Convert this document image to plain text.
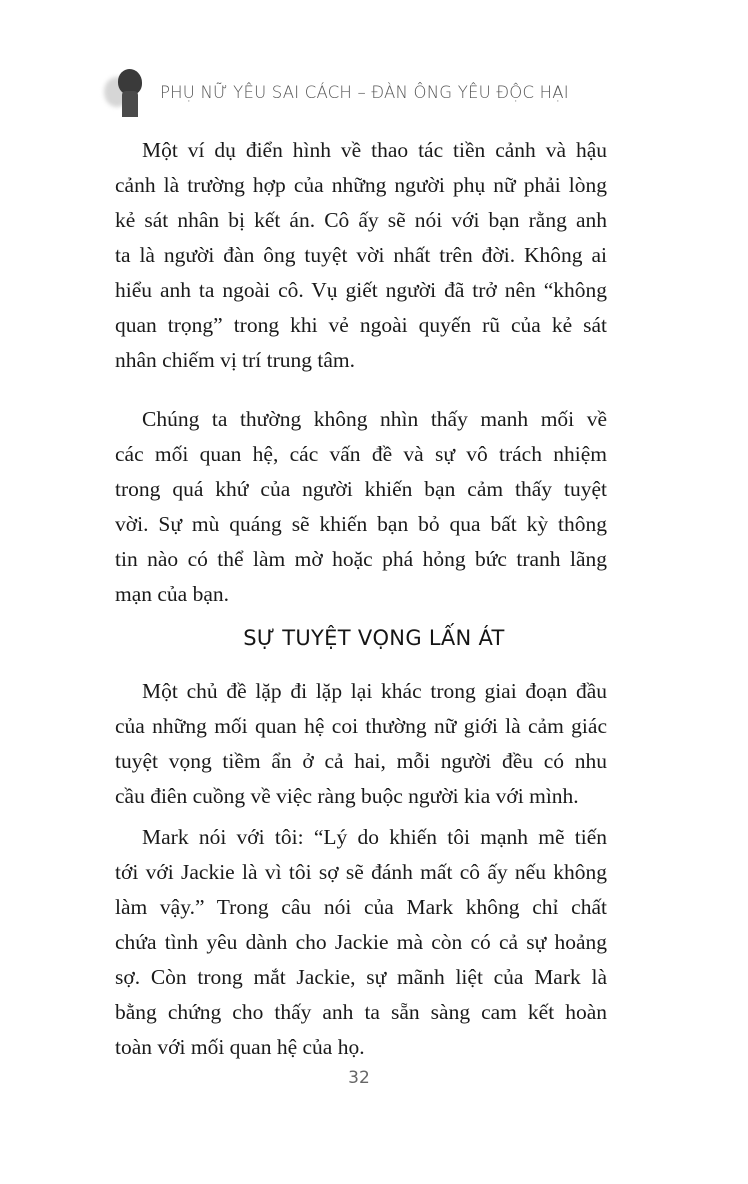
PHỤ NỮ YÊU SAI CÁCH – ĐÀN ÔNG YÊU ĐỘC HẠI
Một ví dụ điển hình về thao tác tiền cảnh và hậu
cảnh là trường hợp của những người phụ nữ phải lòng
kẻ sát nhân bị kết án. Cô ấy sẽ nói với bạn rằng anh
ta là người đàn ông tuyệt vời nhất trên đời. Không ai
hiểu anh ta ngoài cô. Vụ giết người đã trở nên “không
quan trọng” trong khi vẻ ngoài quyến rũ của kẻ sát
nhân chiếm vị trí trung tâm.
Chúng ta thường không nhìn thấy manh mối về
các mối quan hệ, các vấn đề và sự vô trách nhiệm
trong quá khứ của người khiến bạn cảm thấy tuyệt
vời. Sự mù quáng sẽ khiến bạn bỏ qua bất kỳ thông
tin nào có thể làm mờ hoặc phá hỏng bức tranh lãng
mạn của bạn.
Một chủ đề lặp đi lặp lại khác trong giai đoạn đầu
của những mối quan hệ coi thường nữ giới là cảm giác
tuyệt vọng tiềm ẩn ở cả hai, mỗi người đều có nhu
cầu điên cuồng về việc ràng buộc người kia với mình.
Mark nói với tôi: “Lý do khiến tôi mạnh mẽ tiến
tới với Jackie là vì tôi sợ sẽ đánh mất cô ấy nếu không
làm vậy.” Trong câu nói của Mark không chỉ chất
chứa tình yêu dành cho Jackie mà còn có cả sự hoảng
sợ. Còn trong mắt Jackie, sự mãnh liệt của Mark là
bằng chứng cho thấy anh ta sẵn sàng cam kết hoàn
toàn với mối quan hệ của họ.
SỰ TUYỆT VỌNG LẤN ÁT
32
